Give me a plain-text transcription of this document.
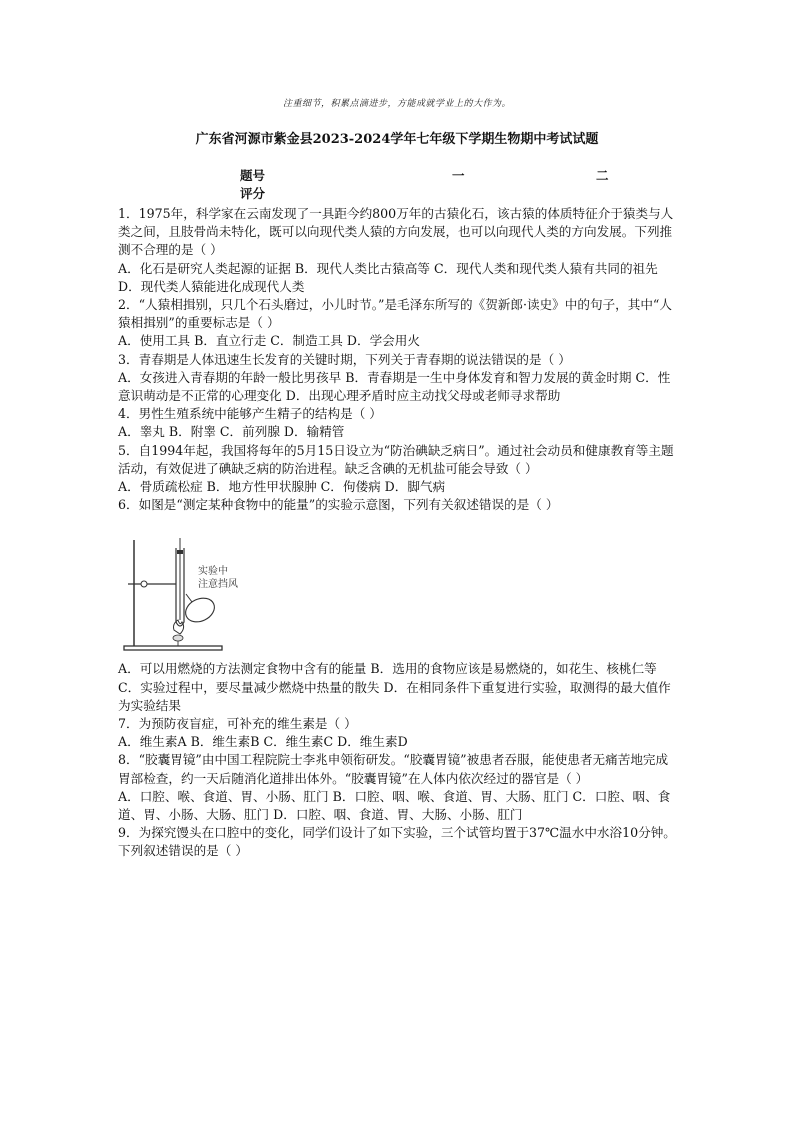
注重细节，积累点滴进步，方能成就学业上的大作为。
广东省河源市紫金县2023-2024学年七年级下学期生物期中考试试题
题号	一	二
评分

1．1975年，科学家在云南发现了一具距今约800万年的古猿化石，该古猿的体质特征介于猿类与人类之间，且肢骨尚未特化，既可以向现代类人猿的方向发展，也可以向现代人类的方向发展。下列推测不合理的是（ ）

A．化石是研究人类起源的证据 B．现代人类比古猿高等 C．现代人类和现代类人猿有共同的祖先 D．现代类人猿能进化成现代人类

2．“人猿相揖别，只几个石头磨过，小儿时节。”是毛泽东所写的《贺新郎·读史》中的句子，其中“人猿相揖别”的重要标志是（ ）

A．使用工具 B．直立行走 C．制造工具 D．学会用火

3．青春期是人体迅速生长发育的关键时期，下列关于青春期的说法错误的是（ ）

A．女孩进入青春期的年龄一般比男孩早 B．青春期是一生中身体发育和智力发展的黄金时期 C．性意识萌动是不正常的心理变化 D．出现心理矛盾时应主动找父母或老师寻求帮助

4．男性生殖系统中能够产生精子的结构是（ ）

A．睾丸 B．附睾 C．前列腺 D．输精管

5．自1994年起，我国将每年的5月15日设立为“防治碘缺乏病日”。通过社会动员和健康教育等主题活动，有效促进了碘缺乏病的防治进程。缺乏含碘的无机盐可能会导致（ ）

A．骨质疏松症 B．地方性甲状腺肿 C．佝偻病 D．脚气病

6．如图是“测定某种食物中的能量”的实验示意图，下列有关叙述错误的是（ ）

实验中
注意挡风

A．可以用燃烧的方法测定食物中含有的能量 B．选用的食物应该是易燃烧的，如花生、核桃仁等 C．实验过程中，要尽量减少燃烧中热量的散失 D．在相同条件下重复进行实验，取测得的最大值作为实验结果

7．为预防夜盲症，可补充的维生素是（ ）

A．维生素A B．维生素B C．维生素C D．维生素D

8．“胶囊胃镜”由中国工程院院士李兆申领衔研发。“胶囊胃镜”被患者吞服，能使患者无痛苦地完成胃部检查，约一天后随消化道排出体外。“胶囊胃镜”在人体内依次经过的器官是（ ）

A．口腔、喉、食道、胃、小肠、肛门 B．口腔、咽、喉、食道、胃、大肠、肛门 C．口腔、咽、食道、胃、小肠、大肠、肛门 D．口腔、咽、食道、胃、大肠、小肠、肛门

9．为探究馒头在口腔中的变化，同学们设计了如下实验，三个试管均置于37℃温水中水浴10分钟。下列叙述错误的是（ ）
